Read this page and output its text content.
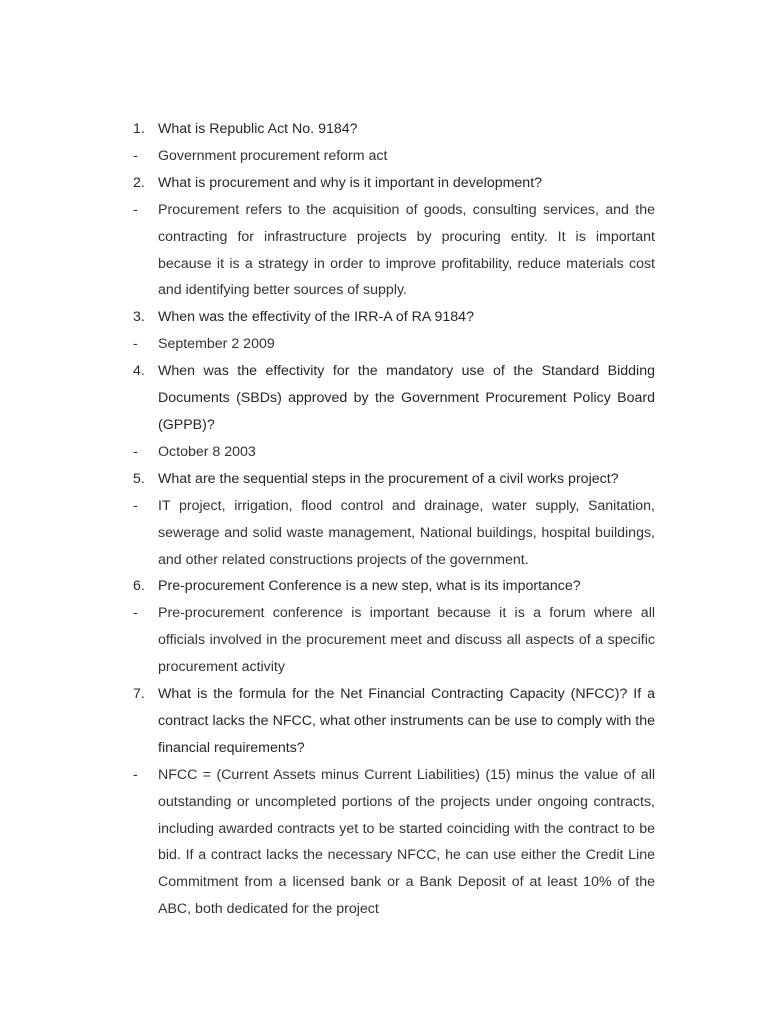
1. What is Republic Act No. 9184?
-	Government procurement reform act
2. What is procurement and why is it important in development?
-	Procurement refers to the acquisition of goods, consulting services, and the contracting for infrastructure projects by procuring entity. It is important because it is a strategy in order to improve profitability, reduce materials cost and identifying better sources of supply.
3. When was the effectivity of the IRR-A of RA 9184?
-	September 2 2009
4. When was the effectivity for the mandatory use of the Standard Bidding Documents (SBDs) approved by the Government Procurement Policy Board (GPPB)?
-	October 8 2003
5. What are the sequential steps in the procurement of a civil works project?
-	IT project, irrigation, flood control and drainage, water supply, Sanitation, sewerage and solid waste management, National buildings, hospital buildings, and other related constructions projects of the government.
6. Pre-procurement Conference is a new step, what is its importance?
-	Pre-procurement conference is important because it is a forum where all officials involved in the procurement meet and discuss all aspects of a specific procurement activity
7. What is the formula for the Net Financial Contracting Capacity (NFCC)? If a contract lacks the NFCC, what other instruments can be use to comply with the financial requirements?
-	NFCC = (Current Assets minus Current Liabilities) (15) minus the value of all outstanding or uncompleted portions of the projects under ongoing contracts, including awarded contracts yet to be started coinciding with the contract to be bid. If a contract lacks the necessary NFCC, he can use either the Credit Line Commitment from a licensed bank or a Bank Deposit of at least 10% of the ABC, both dedicated for the project
